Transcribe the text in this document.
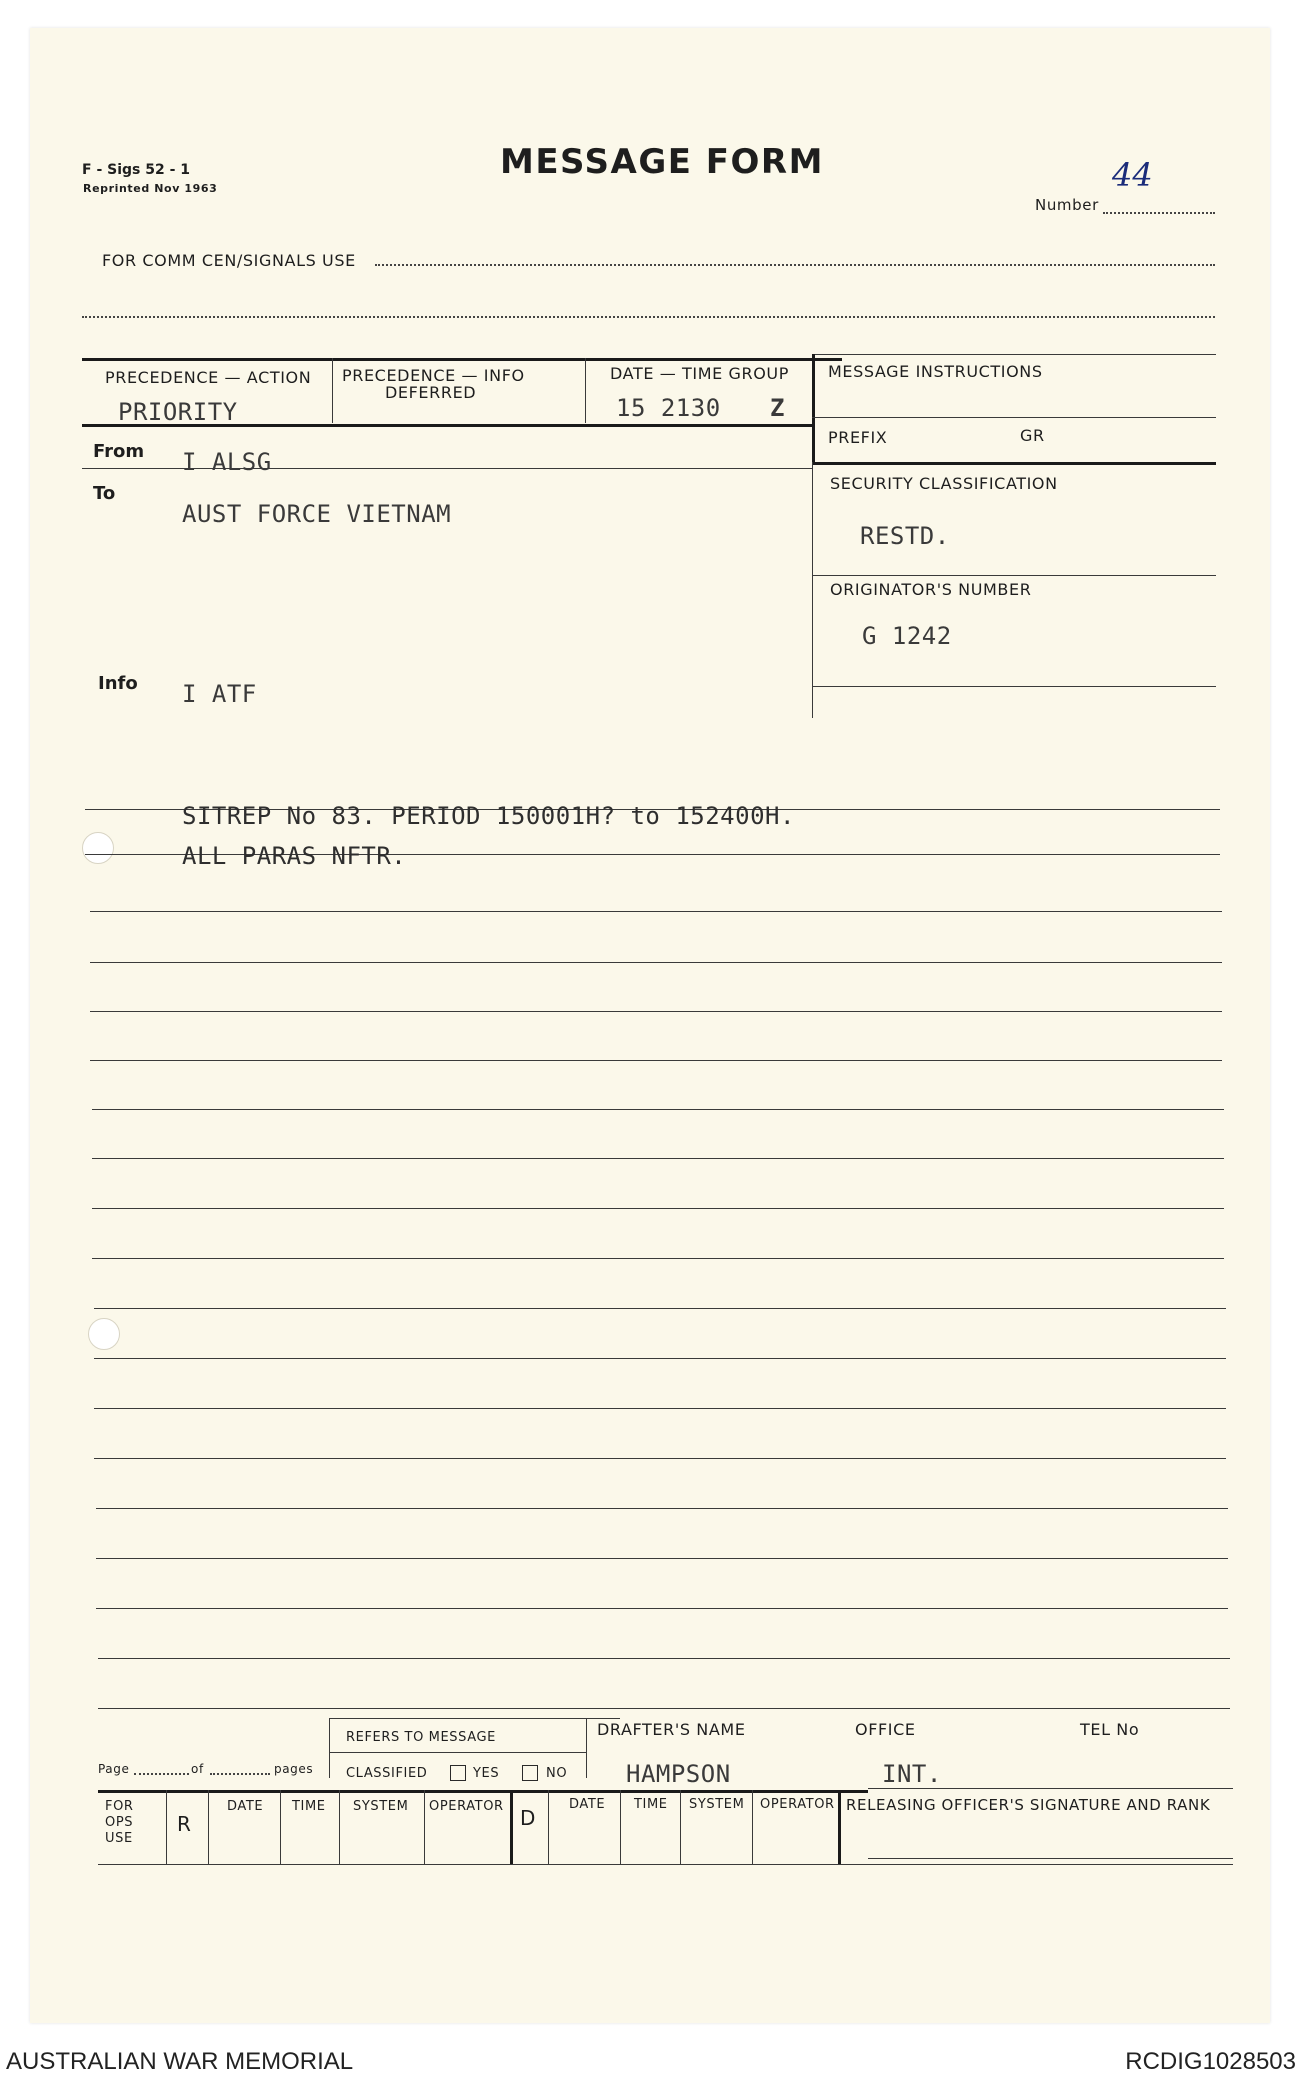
F - Sigs 52 - 1
Reprinted Nov 1963
MESSAGE FORM
Number
44
FOR COMM CEN/SIGNALS USE
PRECEDENCE — ACTION
PRIORITY
PRECEDENCE — INFO
DEFERRED
DATE — TIME GROUP
15 2130 Z
MESSAGE INSTRUCTIONS
PREFIX	GR
SECURITY CLASSIFICATION
RESTD.
ORIGINATOR'S NUMBER
G 1242
From I ALSG
To
AUST FORCE VIETNAM
Info I ATF
SITREP No 83. PERIOD 150001H? to 152400H.
ALL PARAS NFTR.
Page	of	pages
REFERS TO MESSAGE
CLASSIFIED	YES	NO
DRAFTER'S NAME
HAMPSON
OFFICE
INT.
TEL No
FOR
OPS
USE
R
DATE TIME SYSTEM OPERATOR D
DATE TIME SYSTEM OPERATOR RELEASING OFFICER'S SIGNATURE AND RANK
AUSTRALIAN WAR MEMORIAL	RCDIG1028503
